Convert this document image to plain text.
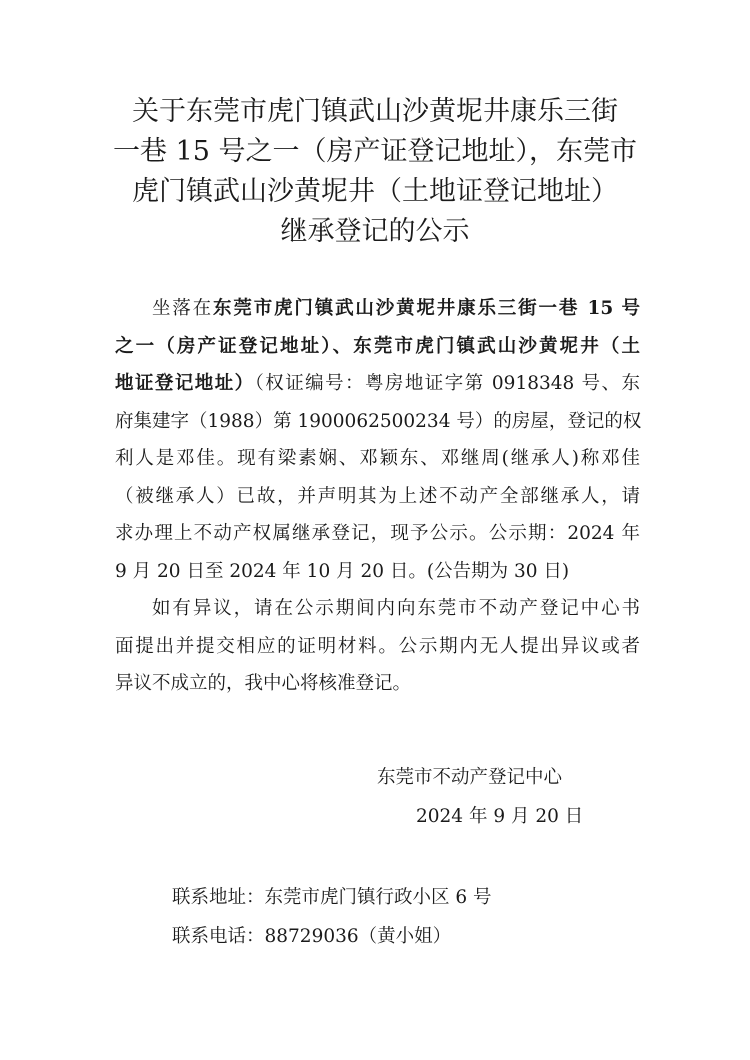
关于东莞市虎门镇武山沙黄坭井康乐三街
一巷 15 号之一（房产证登记地址），东莞市
虎门镇武山沙黄坭井（土地证登记地址）
继承登记的公示
坐落在东莞市虎门镇武山沙黄坭井康乐三街一巷 15 号
之一（房产证登记地址）、东莞市虎门镇武山沙黄坭井（土
地证登记地址）（权证编号：粤房地证字第 0918348 号、东
府集建字（1988）第 1900062500234 号）的房屋，登记的权
利人是邓佳。现有梁素娴、邓颖东、邓继周(继承人)称邓佳
（被继承人）已故，并声明其为上述不动产全部继承人，请
求办理上不动产权属继承登记，现予公示。公示期：2024 年
9 月 20 日至 2024 年 10 月 20 日。(公告期为 30 日)
如有异议，请在公示期间内向东莞市不动产登记中心书
面提出并提交相应的证明材料。公示期内无人提出异议或者
异议不成立的，我中心将核准登记。
东莞市不动产登记中心
2024 年 9 月 20 日
联系地址：东莞市虎门镇行政小区 6 号
联系电话：88729036（黄小姐）
